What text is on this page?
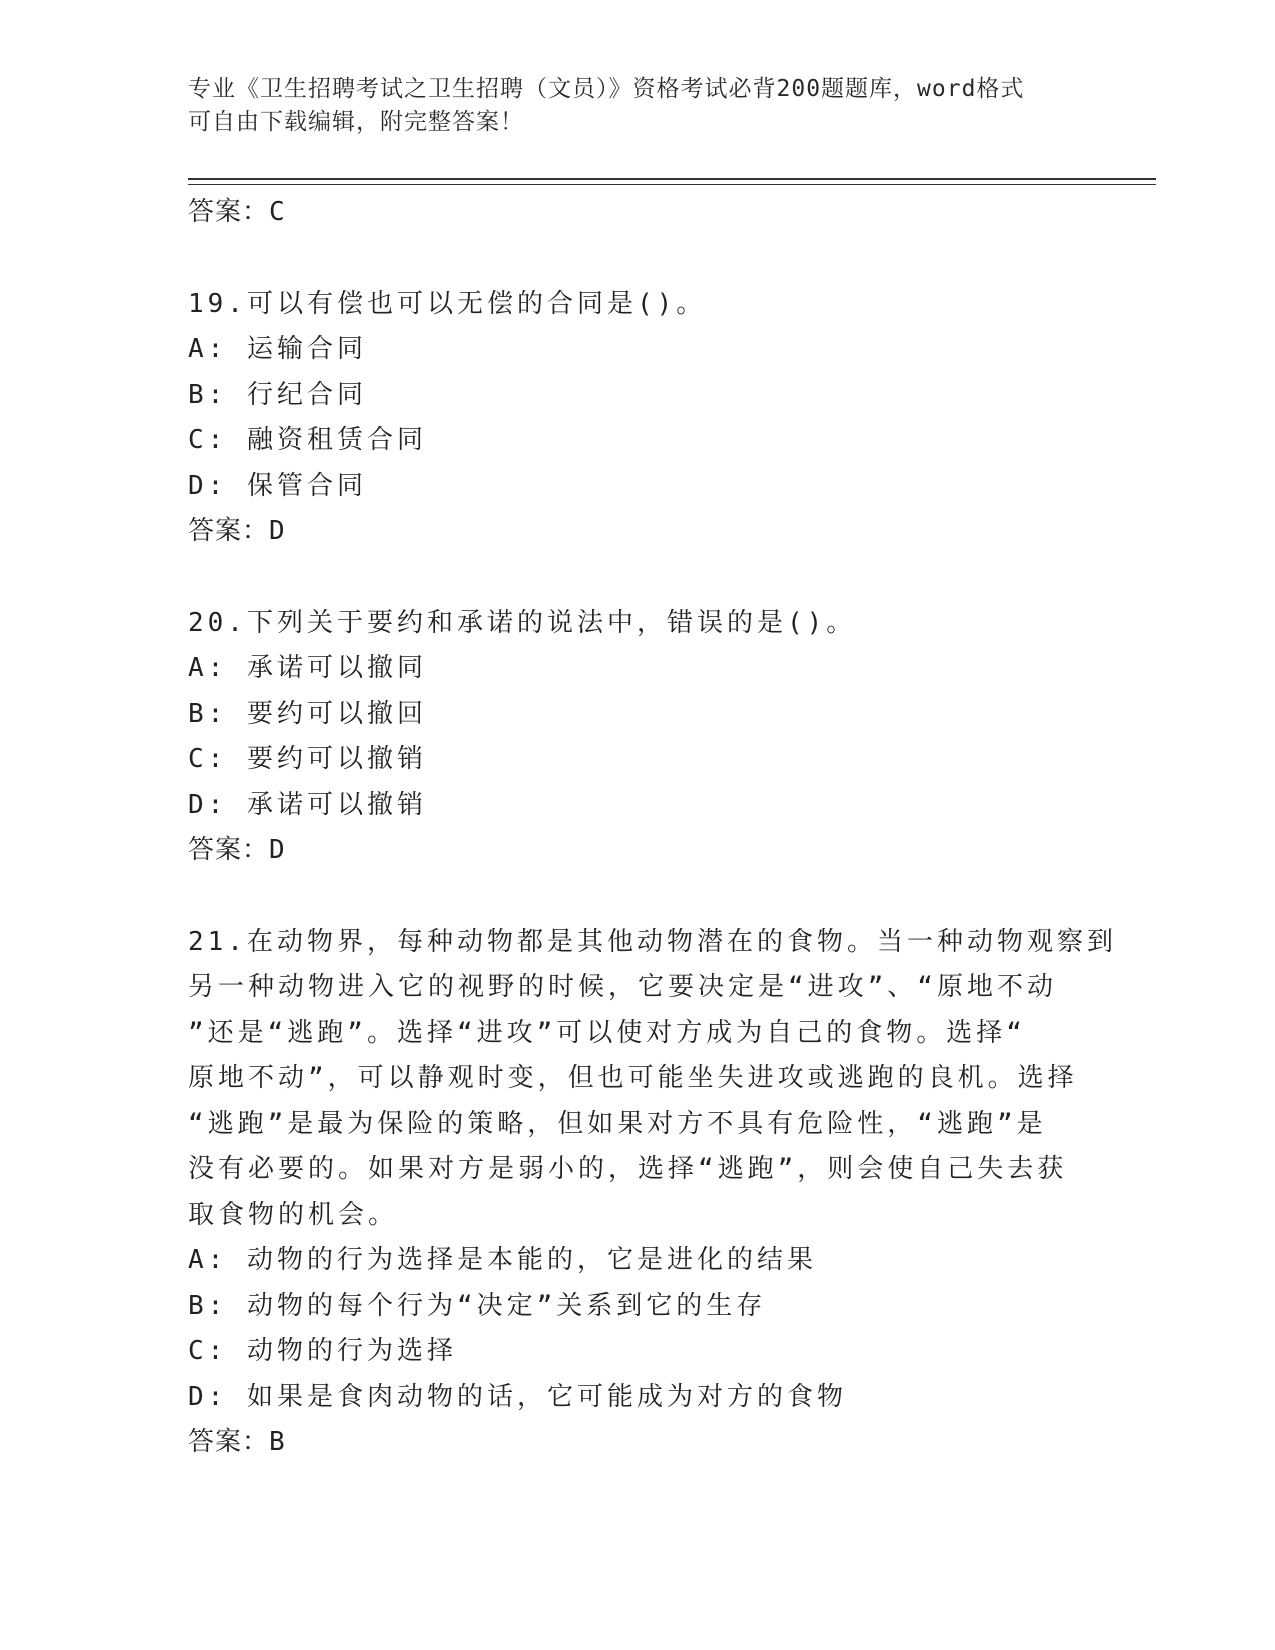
专业《卫生招聘考试之卫生招聘（文员）》资格考试必背200题题库，word格式
可自由下载编辑，附完整答案！
答案：C
19.可以有偿也可以无偿的合同是()。
A: 运输合同
B: 行纪合同
C: 融资租赁合同
D: 保管合同
答案：D
20.下列关于要约和承诺的说法中，错误的是()。
A: 承诺可以撤同
B: 要约可以撤回
C: 要约可以撤销
D: 承诺可以撤销
答案：D
21.在动物界，每种动物都是其他动物潜在的食物。当一种动物观察到
另一种动物进入它的视野的时候，它要决定是“进攻”、“原地不动
”还是“逃跑”。选择“进攻”可以使对方成为自己的食物。选择“
原地不动”，可以静观时变，但也可能坐失进攻或逃跑的良机。选择
“逃跑”是最为保险的策略，但如果对方不具有危险性，“逃跑”是
没有必要的。如果对方是弱小的，选择“逃跑”，则会使自己失去获
取食物的机会。
A: 动物的行为选择是本能的，它是进化的结果
B: 动物的每个行为“决定”关系到它的生存
C: 动物的行为选择
D: 如果是食肉动物的话，它可能成为对方的食物
答案：B
